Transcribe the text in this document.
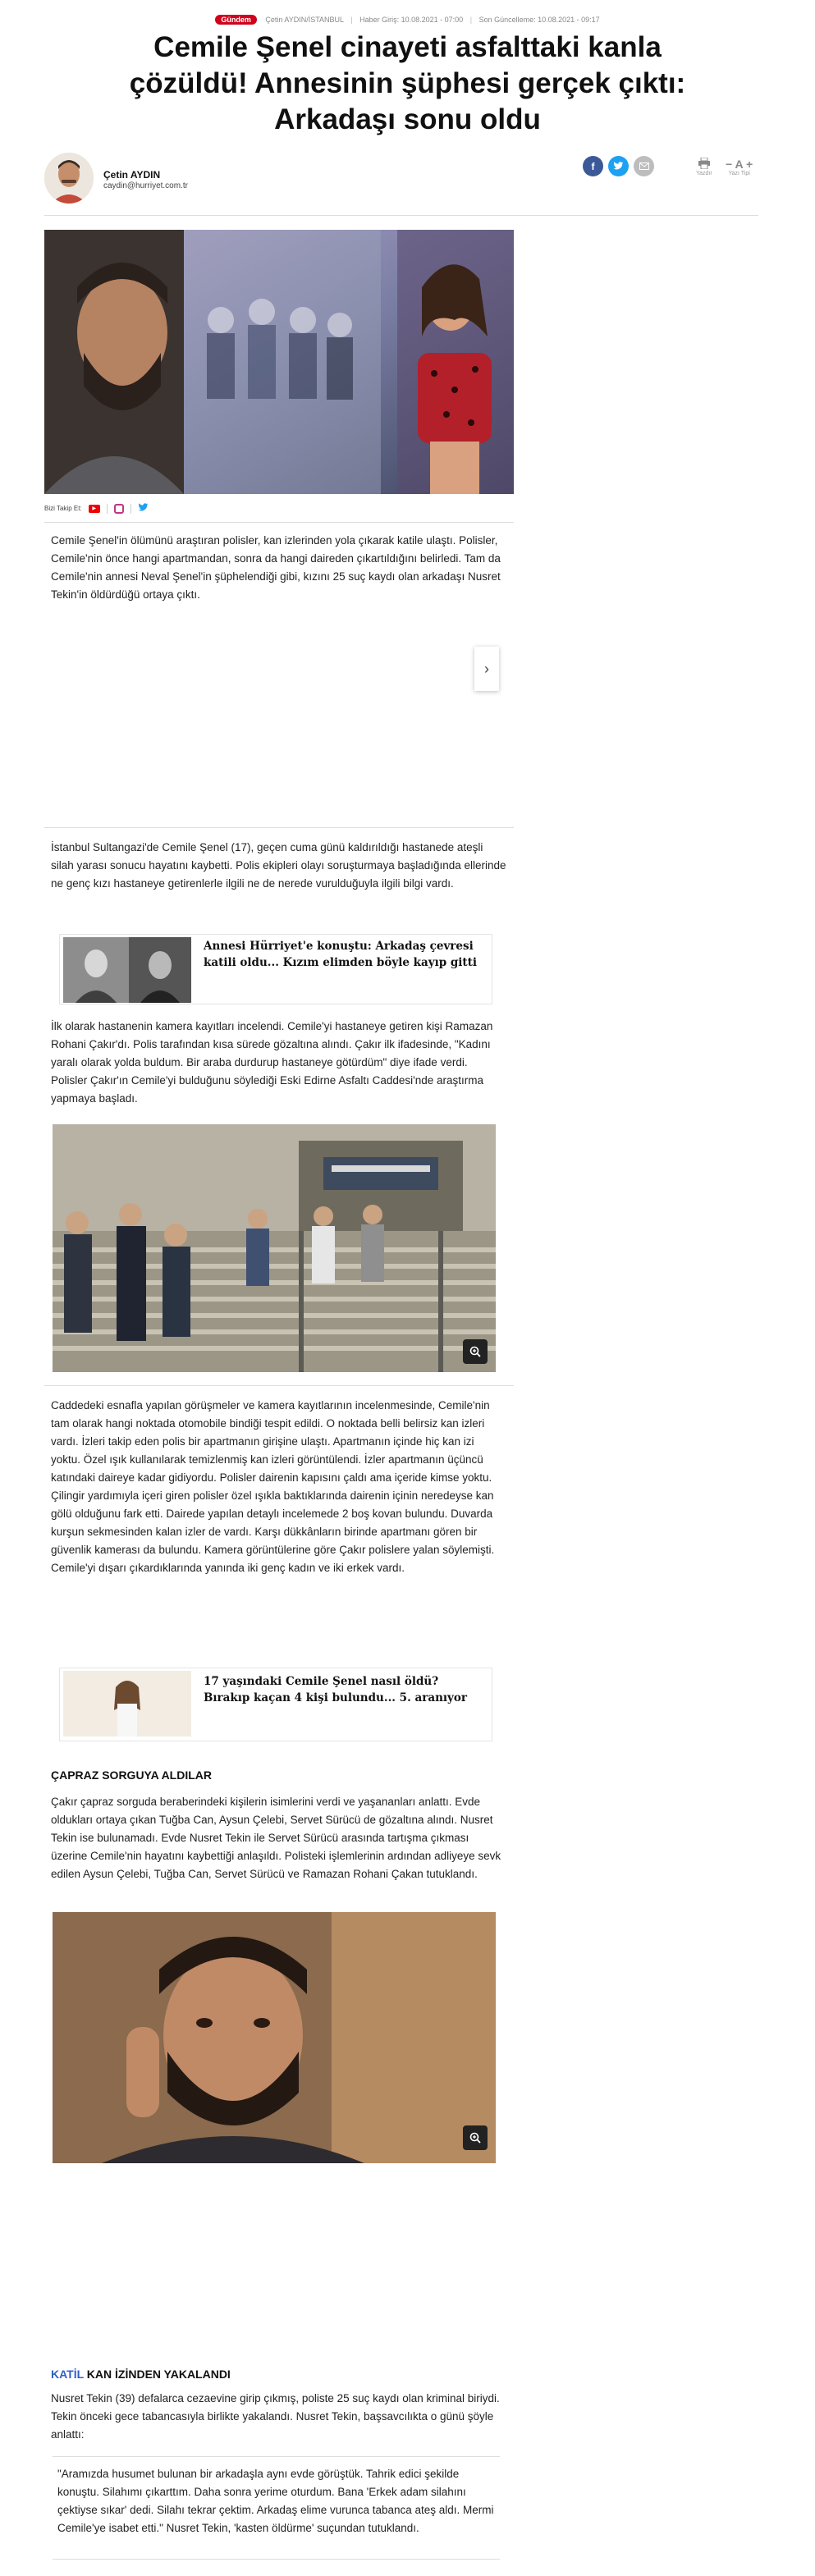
Gündem Çetin AYDIN/İSTANBUL | Haber Giriş: 10.08.2021 - 07:00 | Son Güncelleme: 10.08.2021 - 09:17
Cemile Şenel cinayeti asfalttaki kanla
çözüldü! Annesinin şüphesi gerçek çıktı:
Arkadaşı sonu oldu
Çetin AYDIN
caydin@hurriyet.com.tr
f
Yazdır
− A +
Yazı Tipi
Bizi Takip Et:	▶

Cemile Şenel'in ölümünü araştıran polisler, kan izlerinden yola çıkarak katile ulaştı. Polisler, Cemile'nin önce hangi apartmandan, sonra da hangi daireden çıkartıldığını belirledi. Tam da Cemile'nin annesi Neval Şenel'in şüphelendiği gibi, kızını 25 suç kaydı olan arkadaşı Nusret Tekin'in öldürdüğü ortaya çıktı.

›

İstanbul Sultangazi'de Cemile Şenel (17), geçen cuma günü kaldırıldığı hastanede ateşli silah yarası sonucu hayatını kaybetti. Polis ekipleri olayı soruşturmaya başladığında ellerinde ne genç kızı hastaneye getirenlerle ilgili ne de nerede vurulduğuyla ilgili bilgi vardı.

Annesi Hürriyet'e konuştu: Arkadaş çevresi katili oldu... Kızım elimden böyle kayıp gitti

İlk olarak hastanenin kamera kayıtları incelendi. Cemile'yi hastaneye getiren kişi Ramazan Rohani Çakır'dı. Polis tarafından kısa sürede gözaltına alındı. Çakır ilk ifadesinde, "Kadını yaralı olarak yolda buldum. Bir araba durdurup hastaneye götürdüm" diye ifade verdi. Polisler Çakır'ın Cemile'yi bulduğunu söylediği Eski Edirne Asfaltı Caddesi'nde araştırma yapmaya başladı.

Caddedeki esnafla yapılan görüşmeler ve kamera kayıtlarının incelenmesinde, Cemile'nin tam olarak hangi noktada otomobile bindiği tespit edildi. O noktada belli belirsiz kan izleri vardı. İzleri takip eden polis bir apartmanın girişine ulaştı. Apartmanın içinde hiç kan izi yoktu. Özel ışık kullanılarak temizlenmiş kan izleri görüntülendi. İzler apartmanın üçüncü katındaki daireye kadar gidiyordu. Polisler dairenin kapısını çaldı ama içeride kimse yoktu. Çilingir yardımıyla içeri giren polisler özel ışıkla baktıklarında dairenin içinin neredeyse kan gölü olduğunu fark etti. Dairede yapılan detaylı incelemede 2 boş kovan bulundu. Duvarda kurşun sekmesinden kalan izler de vardı. Karşı dükkânların birinde apartmanı gören bir güvenlik kamerası da bulundu. Kamera görüntülerine göre Çakır polislere yalan söylemişti. Cemile'yi dışarı çıkardıklarında yanında iki genç kadın ve iki erkek vardı.

17 yaşındaki Cemile Şenel nasıl öldü? Bırakıp kaçan 4 kişi bulundu... 5. aranıyor
ÇAPRAZ SORGUYA ALDILAR

Çakır çapraz sorguda beraberindeki kişilerin isimlerini verdi ve yaşananları anlattı. Evde oldukları ortaya çıkan Tuğba Can, Aysun Çelebi, Servet Sürücü de gözaltına alındı. Nusret Tekin ise bulunamadı. Evde Nusret Tekin ile Servet Sürücü arasında tartışma çıkması üzerine Cemile'nin hayatını kaybettiği anlaşıldı. Polisteki işlemlerinin ardından adliyeye sevk edilen Aysun Çelebi, Tuğba Can, Servet Sürücü ve Ramazan Rohani Çakan tutuklandı.

KATİL KAN İZİNDEN YAKALANDI

Nusret Tekin (39) defalarca cezaevine girip çıkmış, poliste 25 suç kaydı olan kriminal biriydi. Tekin önceki gece tabancasıyla birlikte yakalandı. Nusret Tekin, başsavcılıkta o günü şöyle anlattı:

"Aramızda husumet bulunan bir arkadaşla aynı evde görüştük. Tahrik edici şekilde konuştu. Silahımı çıkarttım. Daha sonra yerime oturdum. Bana 'Erkek adam silahını çektiyse sıkar' dedi. Silahı tekrar çektim. Arkadaş elime vurunca tabanca ateş aldı. Mermi Cemile'ye isabet etti." Nusret Tekin, 'kasten öldürme' suçundan tutuklandı.
